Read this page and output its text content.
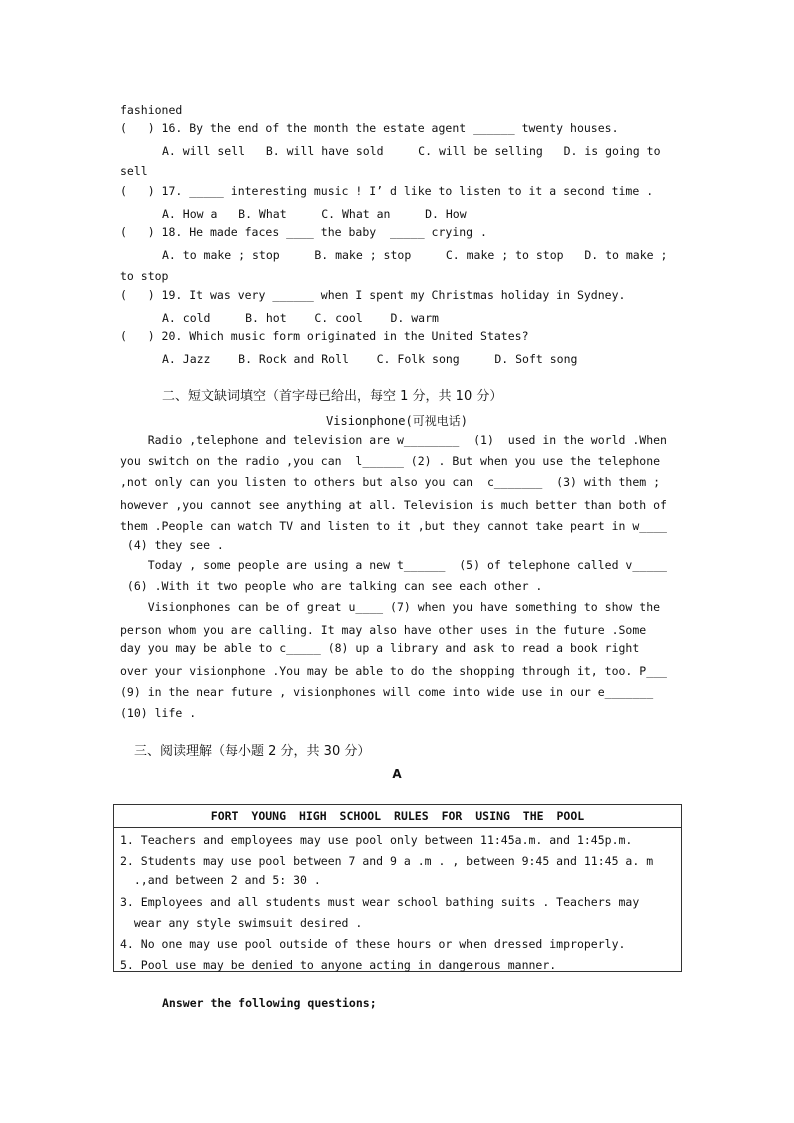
fashioned
(   ) 16. By the end of the month the estate agent ______ twenty houses.
A. will sell   B. will have sold     C. will be selling   D. is going to
sell
(   ) 17. _____ interesting music ! I’ d like to listen to it a second time .
A. How a   B. What     C. What an     D. How
(   ) 18. He made faces ____ the baby  _____ crying .
A. to make ; stop     B. make ; stop     C. make ; to stop   D. to make ;
to stop
(   ) 19. It was very ______ when I spent my Christmas holiday in Sydney.
A. cold     B. hot    C. cool    D. warm
(   ) 20. Which music form originated in the United States?
A. Jazz    B. Rock and Roll    C. Folk song     D. Soft song
二、短文缺词填空（首字母已给出，每空 1 分，共 10 分）
Visionphone(可视电话)
Radio ,telephone and television are w________  (1)  used in the world .When
you switch on the radio ,you can  l______ (2) . But when you use the telephone
,not only can you listen to others but also you can  c_______  (3) with them ;
however ,you cannot see anything at all. Television is much better than both of
them .People can watch TV and listen to it ,but they cannot take peart in w____
(4) they see .
Today , some people are using a new t______  (5) of telephone called v_____
(6) .With it two people who are talking can see each other .
Visionphones can be of great u____ (7) when you have something to show the
person whom you are calling. It may also have other uses in the future .Some
day you may be able to c_____ (8) up a library and ask to read a book right
over your visionphone .You may be able to do the shopping through it, too. P___
(9) in the near future , visionphones will come into wide use in our e_______
(10) life .
三、阅读理解（每小题 2 分，共 30 分）
A
FORT YOUNG HIGH SCHOOL RULES FOR USING THE POOL
1. Teachers and employees may use pool only between 11:45a.m. and 1:45p.m.
2. Students may use pool between 7 and 9 a .m . , between 9:45 and 11:45 a. m
.,and between 2 and 5: 30 .
3. Employees and all students must wear school bathing suits . Teachers may
wear any style swimsuit desired .
4. No one may use pool outside of these hours or when dressed improperly.
5. Pool use may be denied to anyone acting in dangerous manner.
Answer the following questions;
